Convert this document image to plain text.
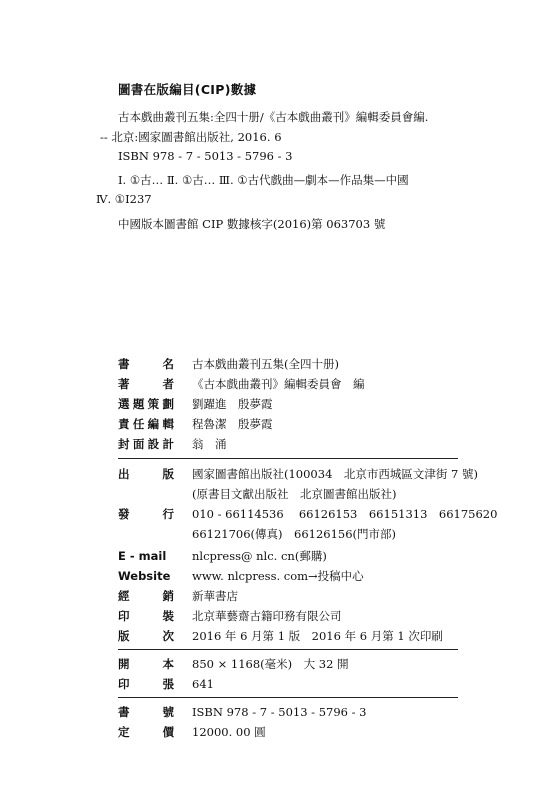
圖書在版編目(CIP)數據
古本戲曲叢刊五集:全四十册/《古本戲曲叢刊》編輯委員會編.
-- 北京:國家圖書館出版社, 2016. 6
ISBN 978 - 7 - 5013 - 5796 - 3
Ⅰ. ①古… Ⅱ. ①古… Ⅲ. ①古代戲曲—劇本—作品集—中國
Ⅳ. ①I237
中國版本圖書館 CIP 數據核字(2016)第 063703 號
書名 古本戲曲叢刊五集(全四十册)
著者 《古本戲曲叢刊》編輯委員會　編
選題策劃 劉躍進　殷夢霞
責任編輯 程魯潔　殷夢霞
封面設計 翁　涌
出版 國家圖書館出版社(100034　北京市西城區文津街 7 號)
(原書目文獻出版社　北京圖書館出版社)
發行 010 - 66114536　 66126153　66151313　66175620
66121706(傳真)　66126156(門市部)
E - mail	nlcpress@ nlc. cn(郵購)
Website	www. nlcpress. com→投稿中心
經銷 新華書店
印裝 北京華藝齋古籍印務有限公司
版次 2016 年 6 月第 1 版　2016 年 6 月第 1 次印刷
開本 850 × 1168(毫米)　大 32 開
印張 641
書號 ISBN 978 - 7 - 5013 - 5796 - 3
定價 12000. 00 圓
